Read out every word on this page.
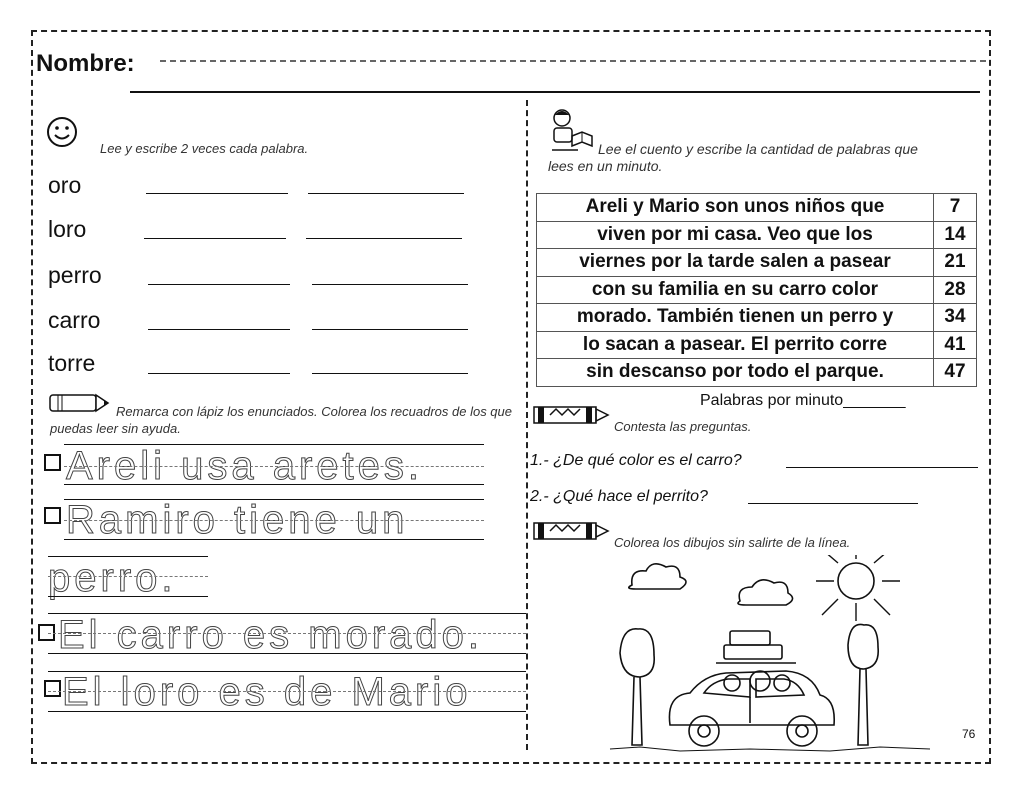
Nombre:
Lee y escribe 2 veces cada palabra.
oro
loro
perro
carro
torre
Remarca con lápiz los enunciados. Colorea los recuadros de los que puedas leer sin ayuda.
Areli usa aretes.
Ramiro tiene un
perro.
El carro es morado.
El loro es de Mario
Lee el cuento y escribe la cantidad de palabras que lees en un minuto.
Areli y Mario son unos niños que	7
viven por mi casa. Veo que los	14
viernes por la tarde salen a pasear	21
con su familia en su carro color	28
morado. También tienen un perro y	34
lo sacan a pasear. El perrito corre	41
sin descanso por todo el parque.	47
Palabras por minuto_______
Contesta las preguntas.
1.- ¿De qué color es el carro?
2.- ¿Qué hace el perrito?
Colorea los dibujos sin salirte de la línea.
76
